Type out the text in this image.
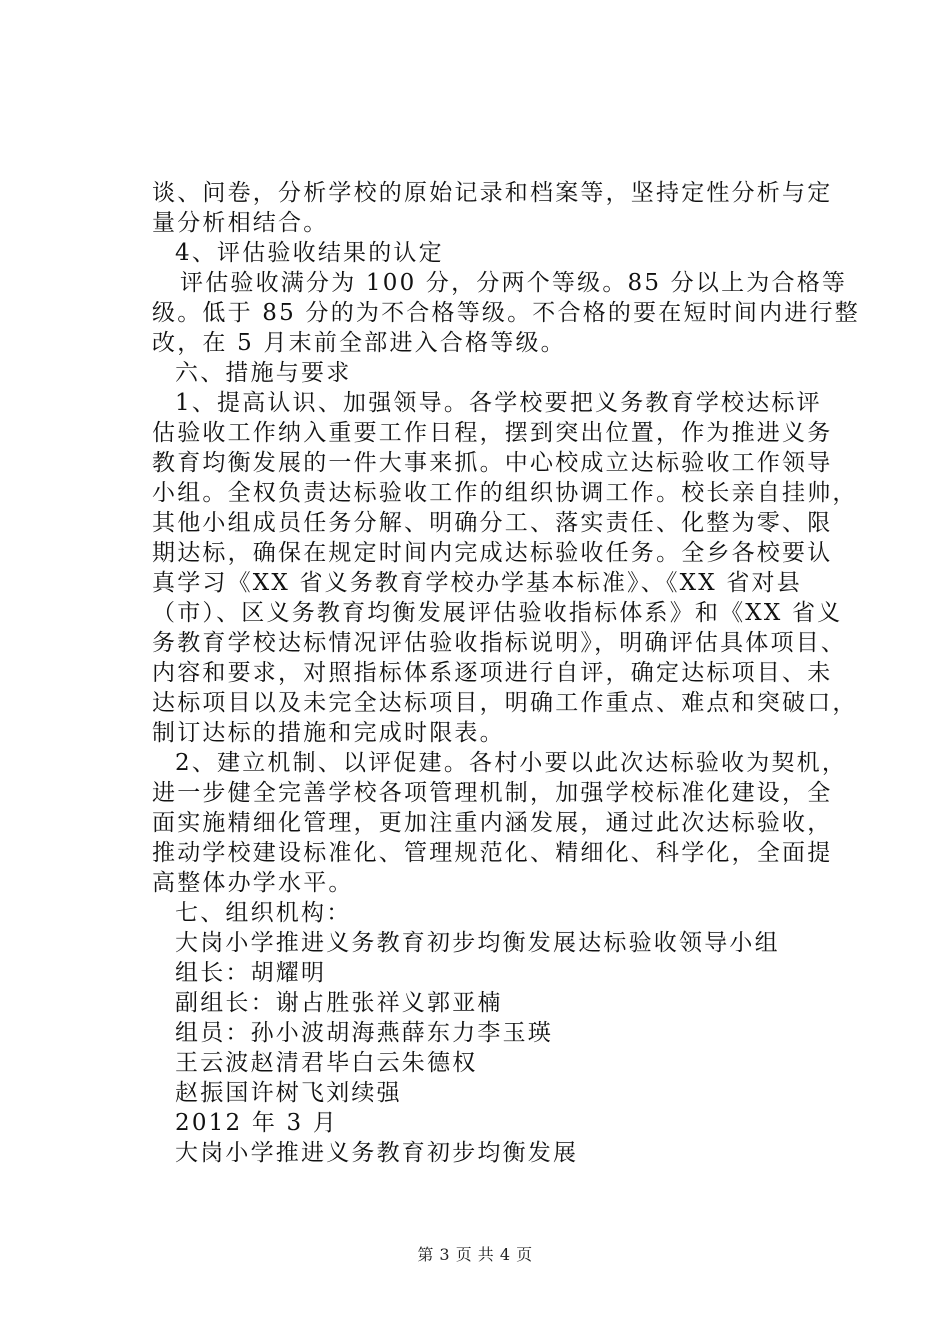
谈、问卷，分析学校的原始记录和档案等，坚持定性分析与定
量分析相结合。
4、评估验收结果的认定
评估验收满分为 100 分，分两个等级。85 分以上为合格等
级。低于 85 分的为不合格等级。不合格的要在短时间内进行整
改，在 5 月末前全部进入合格等级。
六、措施与要求
1、提高认识、加强领导。各学校要把义务教育学校达标评
估验收工作纳入重要工作日程，摆到突出位置，作为推进义务
教育均衡发展的一件大事来抓。中心校成立达标验收工作领导
小组。全权负责达标验收工作的组织协调工作。校长亲自挂帅，
其他小组成员任务分解、明确分工、落实责任、化整为零、限
期达标，确保在规定时间内完成达标验收任务。全乡各校要认
真学习《XX 省义务教育学校办学基本标准》、《XX 省对县
（市）、区义务教育均衡发展评估验收指标体系》和《XX 省义
务教育学校达标情况评估验收指标说明》，明确评估具体项目、
内容和要求，对照指标体系逐项进行自评，确定达标项目、未
达标项目以及未完全达标项目，明确工作重点、难点和突破口，
制订达标的措施和完成时限表。
2、建立机制、以评促建。各村小要以此次达标验收为契机，
进一步健全完善学校各项管理机制，加强学校标准化建设，全
面实施精细化管理，更加注重内涵发展，通过此次达标验收，
推动学校建设标准化、管理规范化、精细化、科学化，全面提
高整体办学水平。
七、组织机构：
大岗小学推进义务教育初步均衡发展达标验收领导小组
组长：胡耀明
副组长：谢占胜张祥义郭亚楠
组员：孙小波胡海燕薛东力李玉瑛
王云波赵清君毕白云朱德权
赵振国许树飞刘续强
2012 年 3 月
大岗小学推进义务教育初步均衡发展
第 3 页 共 4 页
